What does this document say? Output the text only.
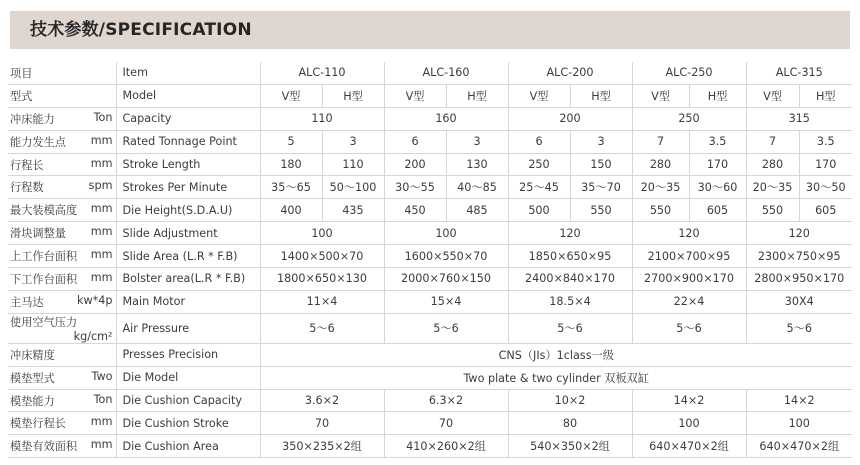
技术参数/SPECIFICATION
项目	Item	ALC-110		ALC-160		ALC-200		ALC-250		ALC-315	

型式	Model	V型	H型	V型	H型	V型	H型	V型	H型	V型	H型

冲床能力 Ton	Capacity	110		160		200		250		315	

能力发生点 mm	Rated Tonnage Point	5	3	6	3	6	3	7	3.5	7	3.5

行程长 mm	Stroke Length	180	110	200	130	250	150	280	170	280	170

行程数 spm	Strokes Per Minute	35～65	50～100	30～55	40～85	25～45	35～70	20～35	30～60	20～35	30～50

最大装模高度 mm	Die Height(S.D.A.U)	400	435	450	485	500	550	550	605	550	605

滑块调整量 mm	Slide Adjustment	100		100		120		120		120	

上工作台面积 mm	Slide Area (L.R * F.B)	1400×500×70		1600×550×70		1850×650×95		2100×700×95		2300×750×95	

下工作台面积 mm	Bolster area(L.R * F.B)	1800×650×130		2000×760×150		2400×840×170		2700×900×170		2800×950×170	

主马达 kw*4p	Main Motor	11×4		15×4		18.5×4		22×4		30X4	

使用空气压力
kg/cm²	Air Pressure	5～6		5～6		5～6		5～6		5～6	

冲床精度	Presses Precision	CNS（JIs）1class一级									

模垫型式 Two	Die Model	Two plate & two cylinder 双板双缸									

模垫能力 Ton	Die Cushion Capacity	3.6×2		6.3×2		10×2		14×2		14×2	

模垫行程长 mm	Die Cushion Stroke	70		70		80		100		100	

模垫有效面积 mm	Die Cushion Area	350×235×2组		410×260×2组		540×350×2组		640×470×2组		640×470×2组	
